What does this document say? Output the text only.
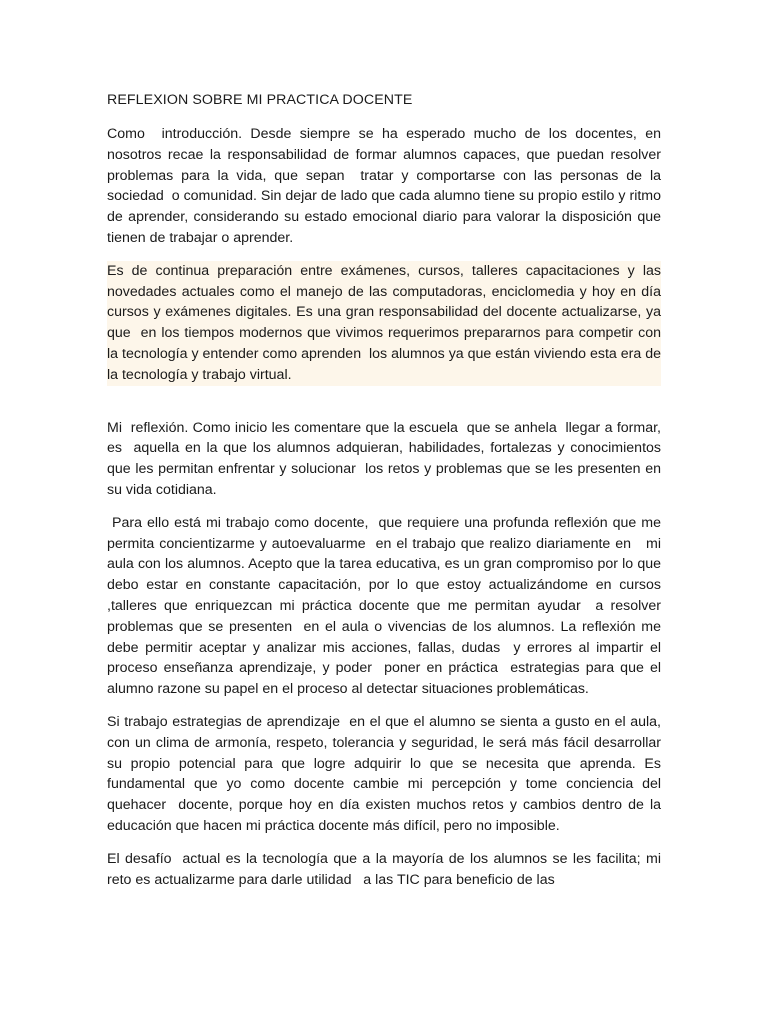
REFLEXION SOBRE MI PRACTICA DOCENTE

Como  introducción. Desde siempre se ha esperado mucho de los docentes, en nosotros recae la responsabilidad de formar alumnos capaces, que puedan resolver problemas para la vida, que sepan  tratar y comportarse con las personas de la sociedad  o comunidad. Sin dejar de lado que cada alumno tiene su propio estilo y ritmo de aprender, considerando su estado emocional diario para valorar la disposición que tienen de trabajar o aprender.

Es de continua preparación entre exámenes, cursos, talleres capacitaciones y las novedades actuales como el manejo de las computadoras, enciclomedia y hoy en día  cursos y exámenes digitales. Es una gran responsabilidad del docente actualizarse, ya que  en los tiempos modernos que vivimos requerimos prepararnos para competir con la tecnología y entender como aprenden  los alumnos ya que están viviendo esta era de la tecnología y trabajo virtual.

Mi  reflexión. Como inicio les comentare que la escuela  que se anhela  llegar a formar, es  aquella en la que los alumnos adquieran, habilidades, fortalezas y conocimientos que les permitan enfrentar y solucionar  los retos y problemas que se les presenten en su vida cotidiana.

Para ello está mi trabajo como docente,  que requiere una profunda reflexión que me permita concientizarme y autoevaluarme  en el trabajo que realizo diariamente en   mi aula con los alumnos. Acepto que la tarea educativa, es un gran compromiso por lo que debo estar en constante capacitación, por lo que estoy actualizándome en cursos ,talleres que enriquezcan mi práctica docente que me permitan ayudar  a resolver problemas que se presenten  en el aula o vivencias de los alumnos. La reflexión me debe permitir aceptar y analizar mis acciones, fallas, dudas  y errores al impartir el proceso enseñanza aprendizaje, y poder  poner en práctica  estrategias para que el alumno razone su papel en el proceso al detectar situaciones problemáticas.

Si trabajo estrategias de aprendizaje  en el que el alumno se sienta a gusto en el aula, con un clima de armonía, respeto, tolerancia y seguridad, le será más fácil desarrollar su propio potencial para que logre adquirir lo que se necesita que aprenda. Es  fundamental que yo como docente cambie mi percepción y tome conciencia del quehacer  docente, porque hoy en día existen muchos retos y cambios dentro de la educación que hacen mi práctica docente más difícil, pero no imposible.

El desafío  actual es la tecnología que a la mayoría de los alumnos se les facilita; mi reto es actualizarme para darle utilidad   a las TIC para beneficio de las
